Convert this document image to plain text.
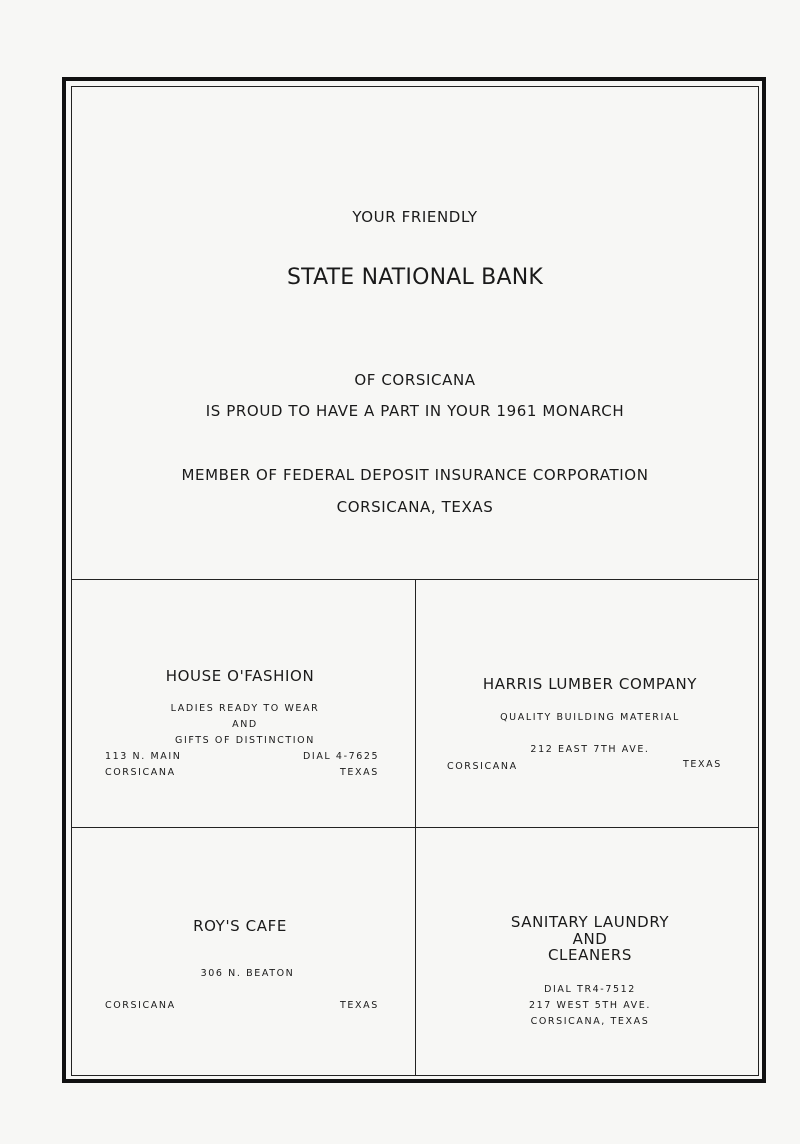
YOUR FRIENDLY

STATE NATIONAL BANK

OF CORSICANA

IS PROUD TO HAVE A PART IN YOUR 1961 MONARCH

MEMBER OF FEDERAL DEPOSIT INSURANCE CORPORATION

CORSICANA, TEXAS

HOUSE O'FASHION

LADIES READY TO WEAR

AND

GIFTS OF DISTINCTION

113 N. MAIN	DIAL 4-7625

CORSICANA	TEXAS

HARRIS LUMBER COMPANY

QUALITY BUILDING MATERIAL

212 EAST 7TH AVE.

CORSICANA	TEXAS

ROY'S CAFE

306 N. BEATON

CORSICANA	TEXAS

SANITARY LAUNDRY

AND

CLEANERS

DIAL TR4-7512

217 WEST 5TH AVE.

CORSICANA, TEXAS
